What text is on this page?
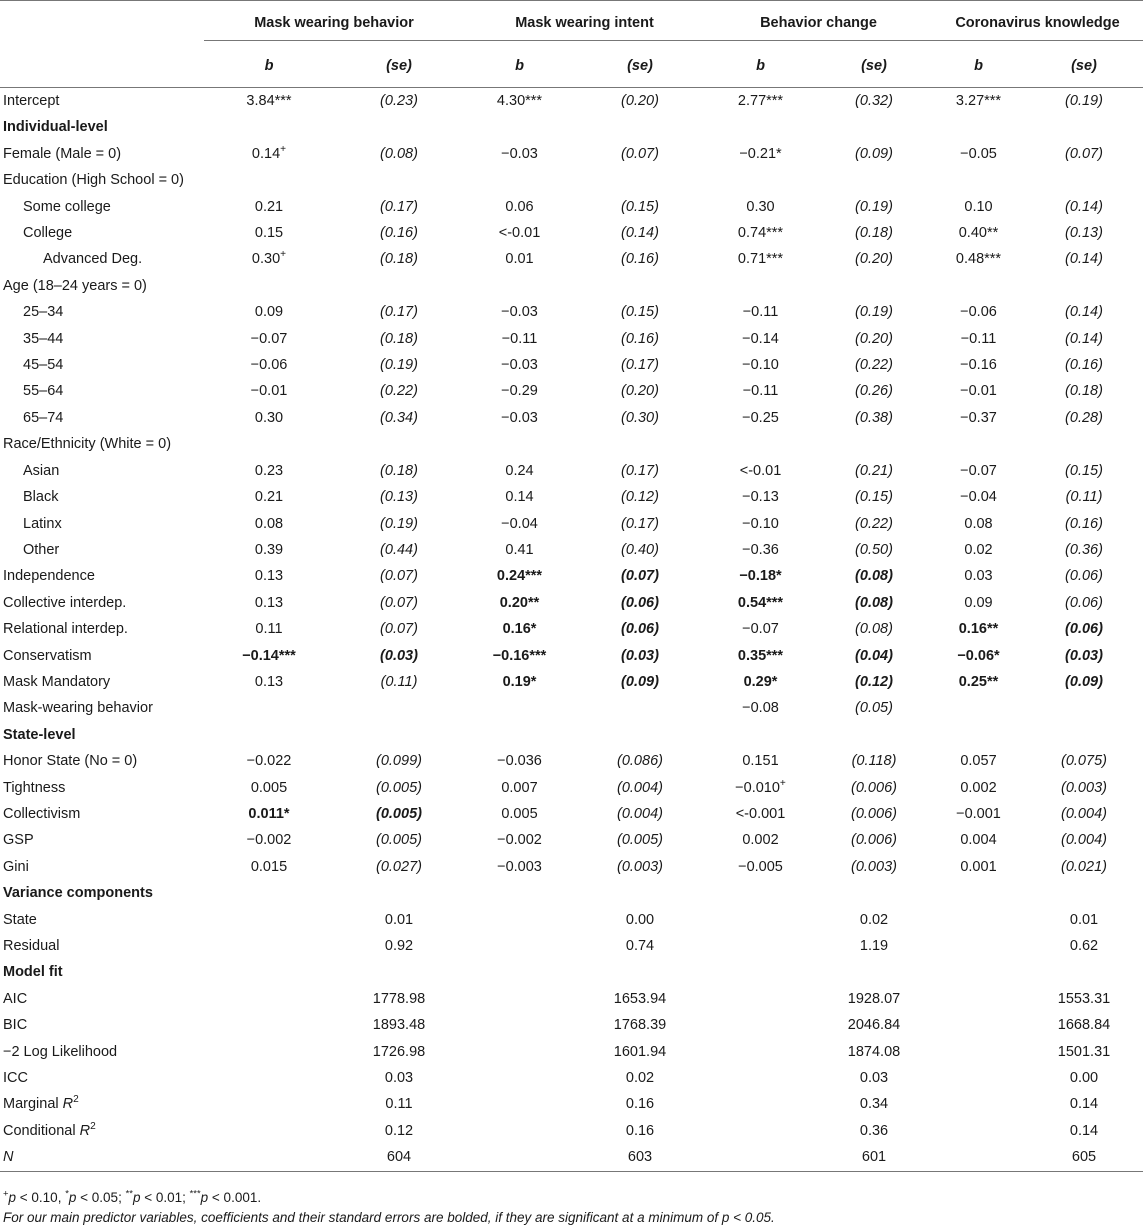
	Mask wearing behavior		Mask wearing intent		Behavior change		Coronavirus knowledge	

	b	(se)	b	(se)	b	(se)	b	(se)
Intercept	3.84***	(0.23)	4.30***	(0.20)	2.77***	(0.32)	3.27***	(0.19)
Individual-level								
Female (Male = 0)	0.14+	(0.08)	−0.03	(0.07)	−0.21*	(0.09)	−0.05	(0.07)
Education (High School = 0)								
Some college	0.21	(0.17)	0.06	(0.15)	0.30	(0.19)	0.10	(0.14)
College	0.15	(0.16)	<-0.01	(0.14)	0.74***	(0.18)	0.40**	(0.13)
Advanced Deg.	0.30+	(0.18)	0.01	(0.16)	0.71***	(0.20)	0.48***	(0.14)
Age (18–24 years = 0)								
25–34	0.09	(0.17)	−0.03	(0.15)	−0.11	(0.19)	−0.06	(0.14)
35–44	−0.07	(0.18)	−0.11	(0.16)	−0.14	(0.20)	−0.11	(0.14)
45–54	−0.06	(0.19)	−0.03	(0.17)	−0.10	(0.22)	−0.16	(0.16)
55–64	−0.01	(0.22)	−0.29	(0.20)	−0.11	(0.26)	−0.01	(0.18)
65–74	0.30	(0.34)	−0.03	(0.30)	−0.25	(0.38)	−0.37	(0.28)
Race/Ethnicity (White = 0)								
Asian	0.23	(0.18)	0.24	(0.17)	<-0.01	(0.21)	−0.07	(0.15)
Black	0.21	(0.13)	0.14	(0.12)	−0.13	(0.15)	−0.04	(0.11)
Latinx	0.08	(0.19)	−0.04	(0.17)	−0.10	(0.22)	0.08	(0.16)
Other	0.39	(0.44)	0.41	(0.40)	−0.36	(0.50)	0.02	(0.36)
Independence	0.13	(0.07)	0.24***	(0.07)	−0.18*	(0.08)	0.03	(0.06)
Collective interdep.	0.13	(0.07)	0.20**	(0.06)	0.54***	(0.08)	0.09	(0.06)
Relational interdep.	0.11	(0.07)	0.16*	(0.06)	−0.07	(0.08)	0.16**	(0.06)
Conservatism	−0.14***	(0.03)	−0.16***	(0.03)	0.35***	(0.04)	−0.06*	(0.03)
Mask Mandatory	0.13	(0.11)	0.19*	(0.09)	0.29*	(0.12)	0.25**	(0.09)
Mask-wearing behavior					−0.08	(0.05)		
State-level								
Honor State (No = 0)	−0.022	(0.099)	−0.036	(0.086)	0.151	(0.118)	0.057	(0.075)
Tightness	0.005	(0.005)	0.007	(0.004)	−0.010+	(0.006)	0.002	(0.003)
Collectivism	0.011*	(0.005)	0.005	(0.004)	<-0.001	(0.006)	−0.001	(0.004)
GSP	−0.002	(0.005)	−0.002	(0.005)	0.002	(0.006)	0.004	(0.004)
Gini	0.015	(0.027)	−0.003	(0.003)	−0.005	(0.003)	0.001	(0.021)
Variance components								
State		0.01		0.00		0.02		0.01
Residual		0.92		0.74		1.19		0.62
Model fit								
AIC		1778.98		1653.94		1928.07		1553.31
BIC		1893.48		1768.39		2046.84		1668.84
−2 Log Likelihood		1726.98		1601.94		1874.08		1501.31
ICC		0.03		0.02		0.03		0.00
Marginal $R^2$		0.11		0.16		0.34		0.14
Conditional $R^2$		0.12		0.16		0.36		0.14
N		604		603		601		605
+p < 0.10, *p < 0.05; **p < 0.01; ***p < 0.001.
For our main predictor variables, coefficients and their standard errors are bolded, if they are significant at a minimum of p < 0.05.
